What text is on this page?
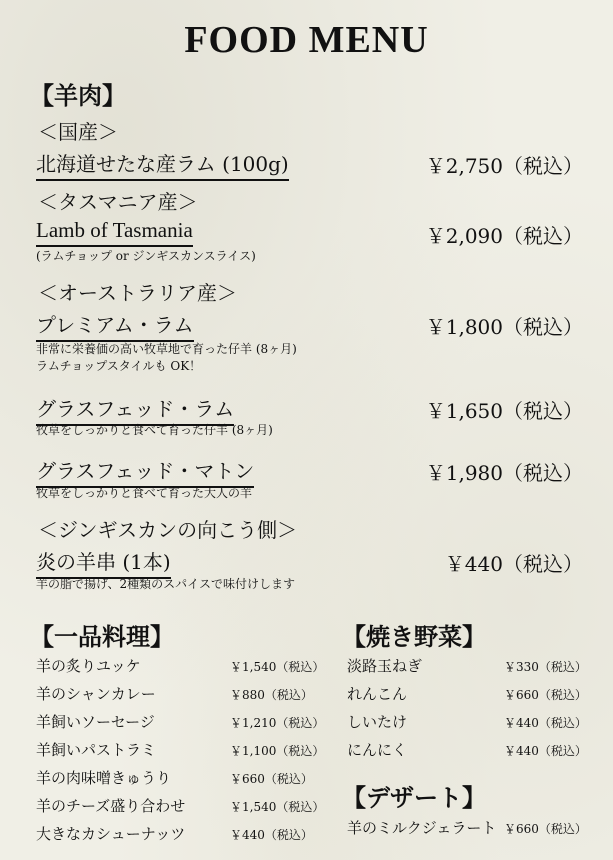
FOOD MENU
【羊肉】
＜国産＞
北海道せたな産ラム (100g)	￥2,750（税込）
＜タスマニア産＞
Lamb of Tasmania	￥2,090（税込）
(ラムチョップ or ジンギスカンスライス)
＜オーストラリア産＞
プレミアム・ラム	￥1,800（税込）
非常に栄養価の高い牧草地で育った仔羊 (8ヶ月)
ラムチョップスタイルも OK！
グラスフェッド・ラム	￥1,650（税込）
牧草をしっかりと食べて育った仔羊 (8ヶ月)
グラスフェッド・マトン	￥1,980（税込）
牧草をしっかりと食べて育った大人の羊
＜ジンギスカンの向こう側＞
炎の羊串 (1本)	￥440（税込）
羊の脂で揚げ、2種類のスパイスで味付けします
【一品料理】
羊の炙りユッケ	￥1,540（税込）
羊のシャンカレー	￥880（税込）
羊飼いソーセージ	￥1,210（税込）
羊飼いパストラミ	￥1,100（税込）
羊の肉味噌きゅうり	￥660（税込）
羊のチーズ盛り合わせ	￥1,540（税込）
大きなカシューナッツ	￥440（税込）
【焼き野菜】
淡路玉ねぎ	￥330（税込）
れんこん	￥660（税込）
しいたけ	￥440（税込）
にんにく	￥440（税込）
【デザート】
羊のミルクジェラート ￥660（税込）
